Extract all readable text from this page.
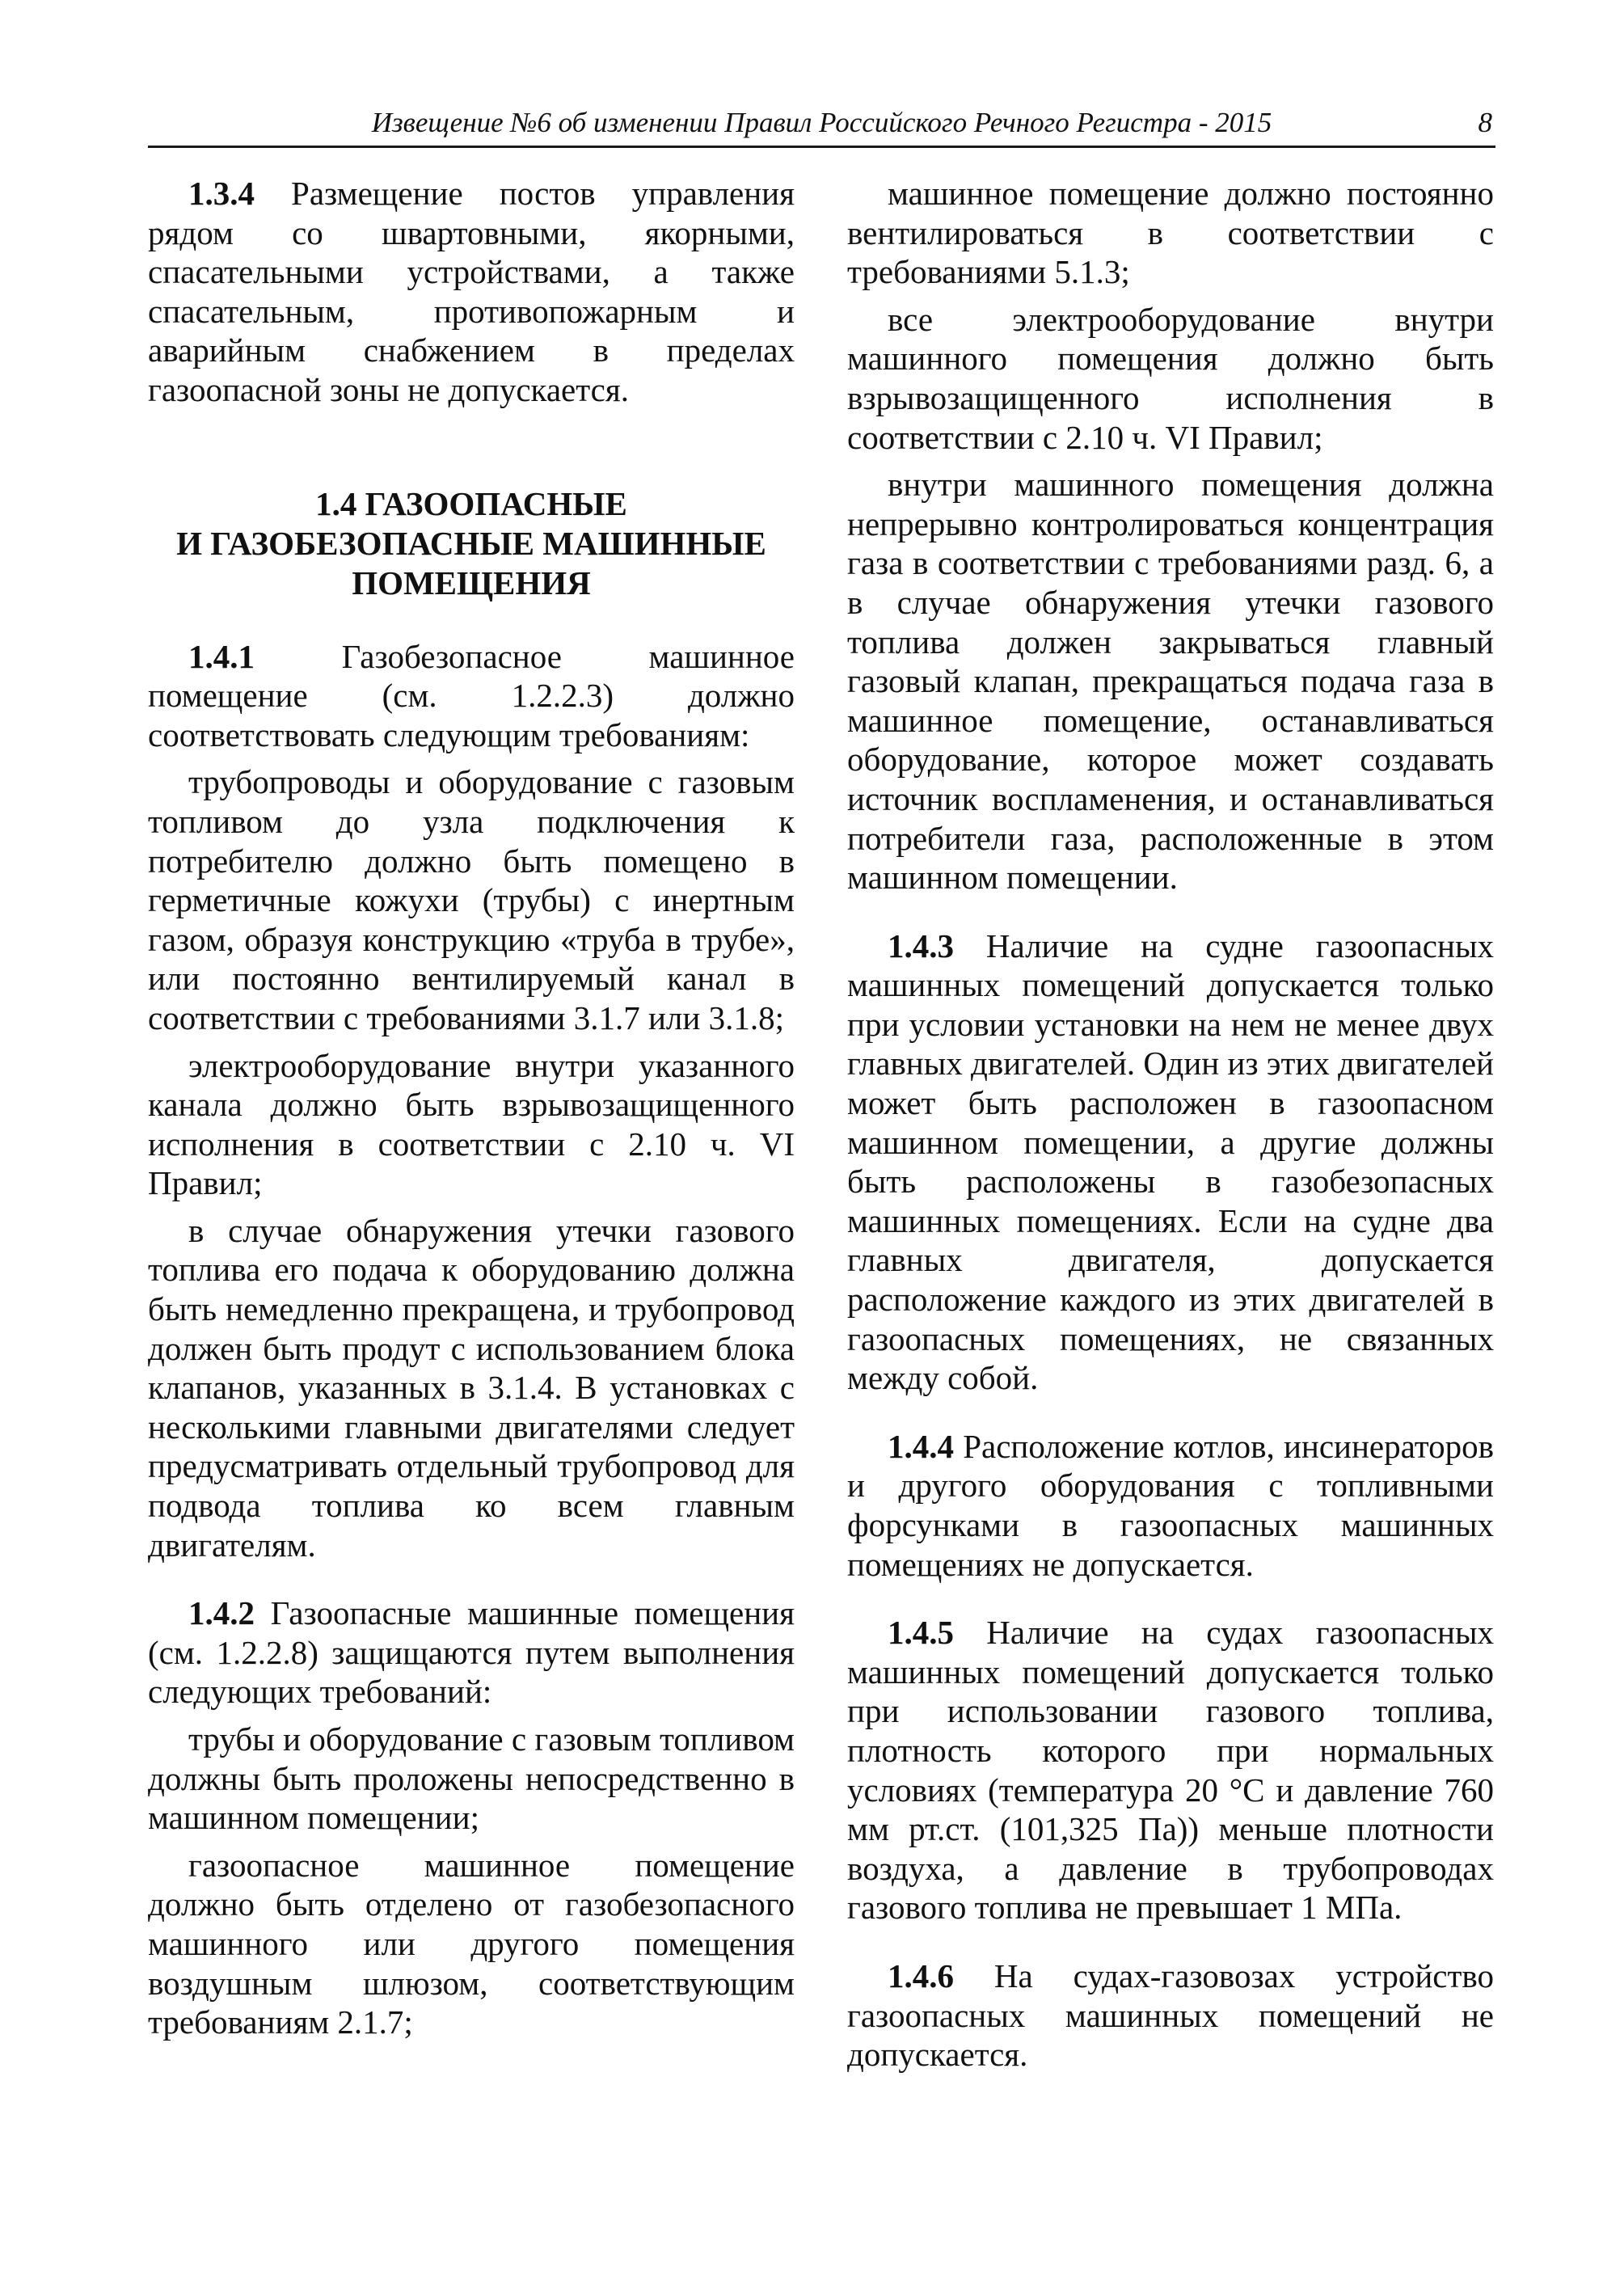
Извещение №6 об изменении Правил Российского Речного Регистра - 2015	8

1.3.4 Размещение постов управления рядом со швартовными, якорными, спасательными устройствами, а также спасательным, противопожарным и аварийным снабжением в пределах газоопасной зоны не допускается.

1.4 ГАЗООПАСНЫЕ
И ГАЗОБЕЗОПАСНЫЕ МАШИННЫЕ
ПОМЕЩЕНИЯ

1.4.1 Газобезопасное машинное помещение (см. 1.2.2.3) должно соответствовать следующим требованиям:

трубопроводы и оборудование с газовым топливом до узла подключения к потребителю должно быть помещено в герметичные кожухи (трубы) с инертным газом, образуя конструкцию «труба в трубе», или постоянно вентилируемый канал в соответствии с требованиями 3.1.7 или 3.1.8;

электрооборудование внутри указанного канала должно быть взрывозащищенного исполнения в соответствии с 2.10 ч. VI Правил;

в случае обнаружения утечки газового топлива его подача к оборудованию должна быть немедленно прекращена, и трубопровод должен быть продут с использованием блока клапанов, указанных в 3.1.4. В установках с несколькими главными двигателями следует предусматривать отдельный трубопровод для подвода топлива ко всем главным двигателям.

1.4.2 Газоопасные машинные помещения (см. 1.2.2.8) защищаются путем выполнения следующих требований:

трубы и оборудование с газовым топливом должны быть проложены непосредственно в машинном помещении;

газоопасное машинное помещение должно быть отделено от газобезопасного машинного или другого помещения воздушным шлюзом, соответствующим требованиям 2.1.7;

машинное помещение должно постоянно вентилироваться в соответствии с требованиями 5.1.3;

все электрооборудование внутри машинного помещения должно быть взрывозащищенного исполнения в соответствии с 2.10 ч. VI Правил;

внутри машинного помещения должна непрерывно контролироваться концентрация газа в соответствии с требованиями разд. 6, а в случае обнаружения утечки газового топлива должен закрываться главный газовый клапан, прекращаться подача газа в машинное помещение, останавливаться оборудование, которое может создавать источник воспламенения, и останавливаться потребители газа, расположенные в этом машинном помещении.

1.4.3 Наличие на судне газоопасных машинных помещений допускается только при условии установки на нем не менее двух главных двигателей. Один из этих двигателей может быть расположен в газоопасном машинном помещении, а другие должны быть расположены в газобезопасных машинных помещениях. Если на судне два главных двигателя, допускается расположение каждого из этих двигателей в газоопасных помещениях, не связанных между собой.

1.4.4 Расположение котлов, инсинераторов и другого оборудования с топливными форсунками в газоопасных машинных помещениях не допускается.

1.4.5 Наличие на судах газоопасных машинных помещений допускается только при использовании газового топлива, плотность которого при нормальных условиях (температура 20 °С и давление 760 мм рт.ст. (101,325 Па)) меньше плотности воздуха, а давление в трубопроводах газового топлива не превышает 1 МПа.

1.4.6 На судах-газовозах устройство газоопасных машинных помещений не допускается.
